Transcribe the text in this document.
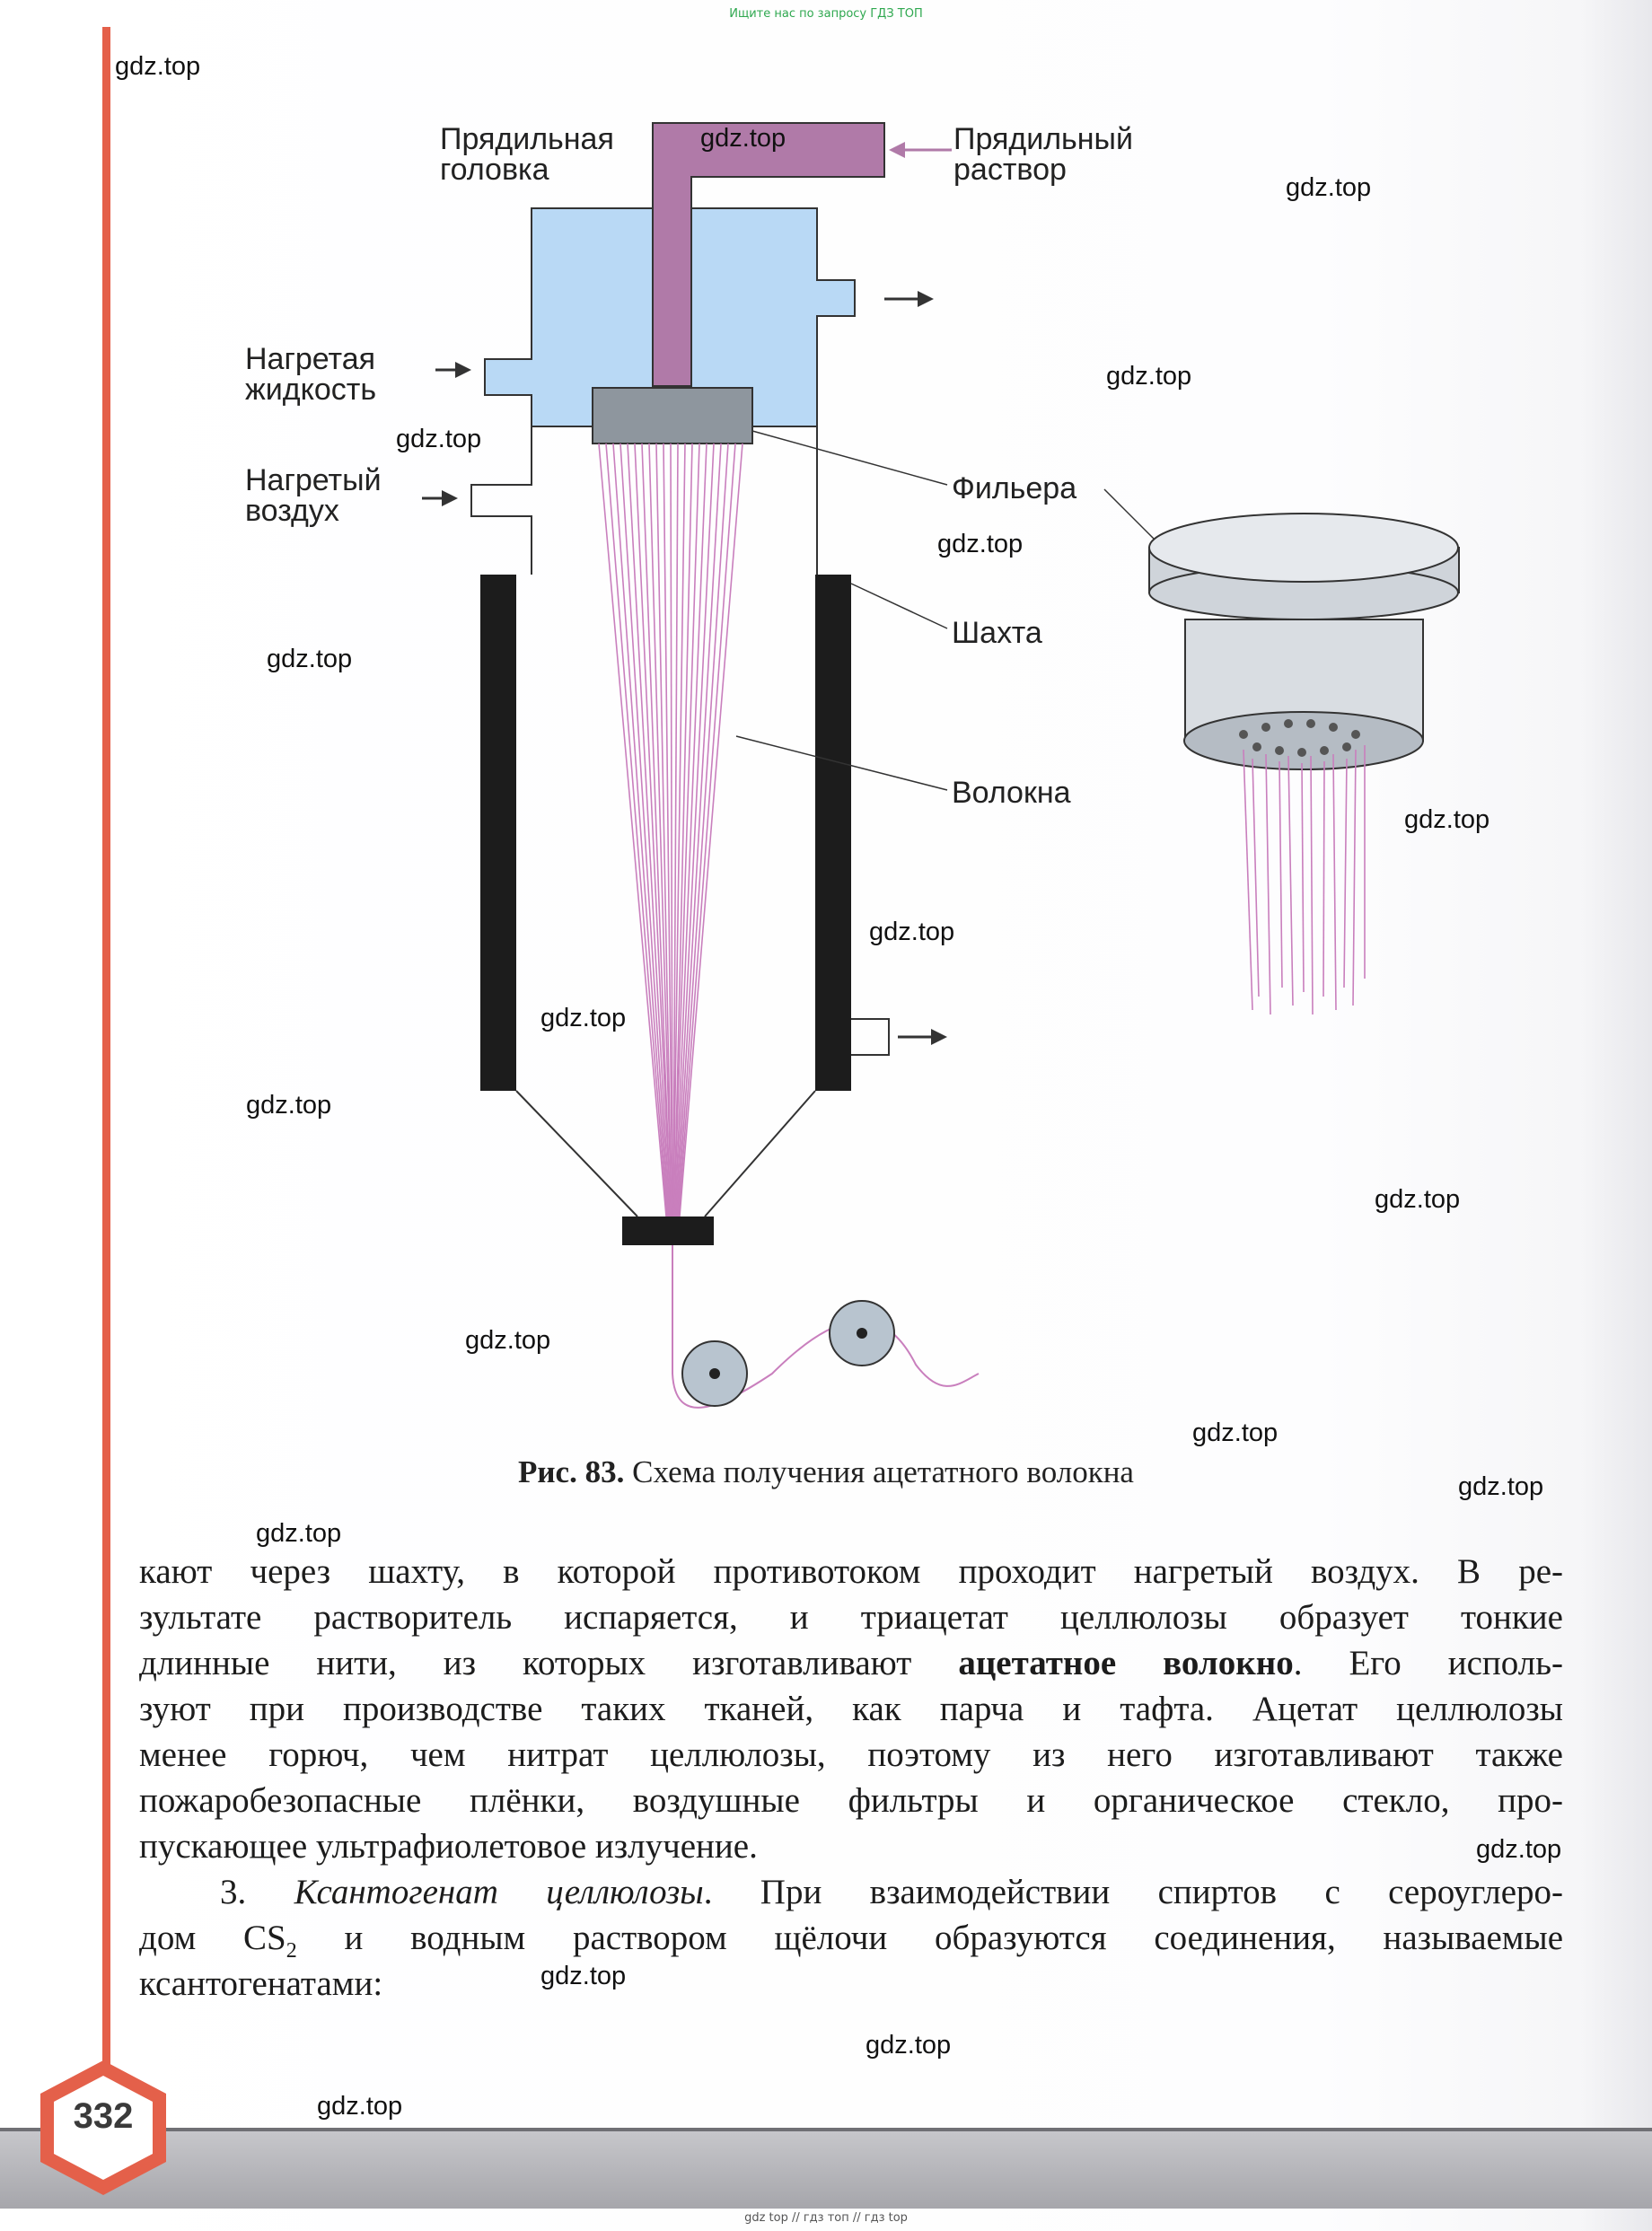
Ищите нас по запросу ГДЗ ТОП
Прядильная
головка
Прядильный
раствор
Нагретая
жидкость
Нагретый
воздух
Фильера
Шахта
Волокна
Рис. 83. Схема получения ацетатного волокна
кают через шахту, в которой противотоком проходит нагретый воздух. В ре-
зультате растворитель испаряется, и триацетат целлюлозы образует тонкие
длинные нити, из которых изготавливают ацетатное волокно. Его исполь-
зуют при производстве таких тканей, как парча и тафта. Ацетат целлюлозы
менее горюч, чем нитрат целлюлозы, поэтому из него изготавливают также
пожаробезопасные плёнки, воздушные фильтры и органическое стекло, про-
пускающее ультрафиолетовое излучение.
3. Ксантогенат целлюлозы. При взаимодействии спиртов с сероуглеро-
дом $CS_2$ и водным раствором щёлочи образуются соединения, называемые
ксантогенатами:
332
gdz.top
gdz.top
gdz.top
gdz.top
gdz.top
gdz.top
gdz.top
gdz.top
gdz.top
gdz.top
gdz.top
gdz.top
gdz.top
gdz.top
gdz.top
gdz.top
gdz.top
gdz.top
gdz.top
gdz.top
gdz top // гдз топ // гдз top
